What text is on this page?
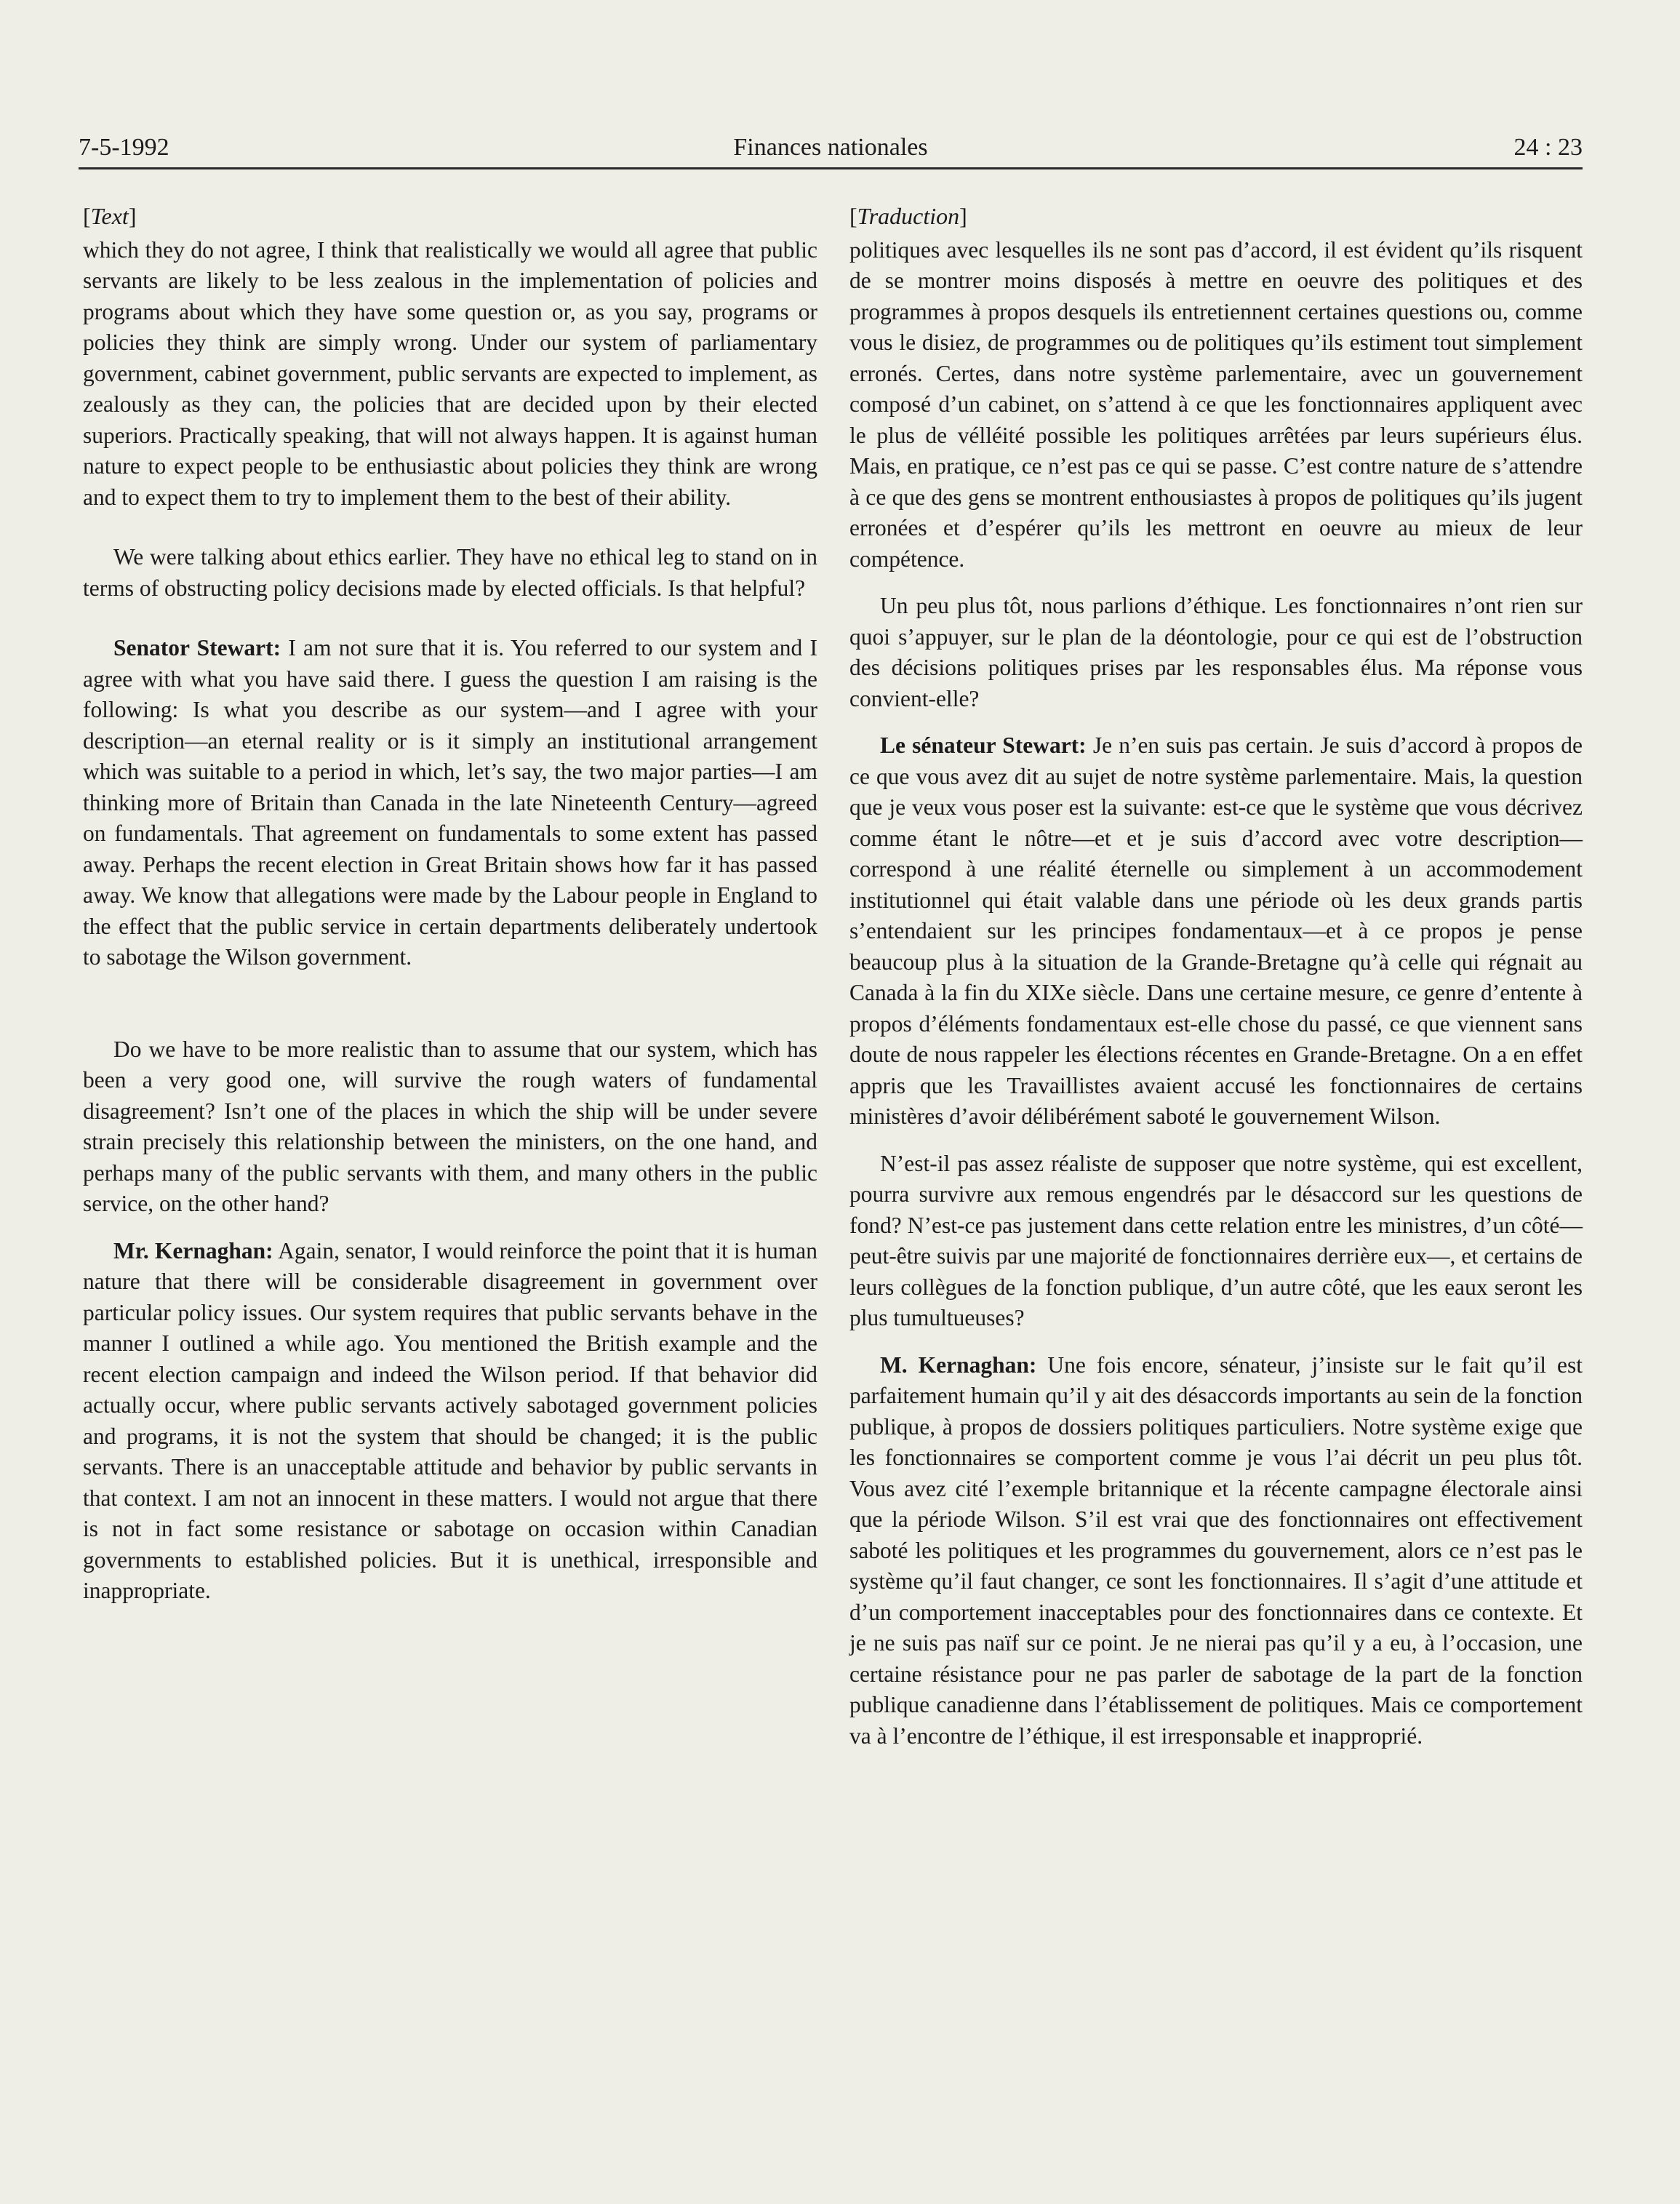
7-5-1992	Finances nationales	24 : 23

[Text]

which they do not agree, I think that realistically we would all agree that public servants are likely to be less zealous in the implementation of policies and programs about which they have some question or, as you say, programs or policies they think are simply wrong. Under our system of parliamentary government, cabinet government, public servants are expected to implement, as zealously as they can, the policies that are decided upon by their elected superiors. Practically speaking, that will not always happen. It is against human nature to expect people to be enthusiastic about policies they think are wrong and to expect them to try to implement them to the best of their ability.

We were talking about ethics earlier. They have no ethical leg to stand on in terms of obstructing policy decisions made by elected officials. Is that helpful?

Senator Stewart: I am not sure that it is. You referred to our system and I agree with what you have said there. I guess the question I am raising is the following: Is what you describe as our system—and I agree with your description—an eternal reality or is it simply an institutional arrangement which was suitable to a period in which, let’s say, the two major parties—I am thinking more of Britain than Canada in the late Nineteenth Century—agreed on fundamentals. That agreement on fundamentals to some extent has passed away. Perhaps the recent election in Great Britain shows how far it has passed away. We know that allegations were made by the Labour people in England to the effect that the public service in certain departments deliberately undertook to sabotage the Wilson government.

Do we have to be more realistic than to assume that our system, which has been a very good one, will survive the rough waters of fundamental disagreement? Isn’t one of the places in which the ship will be under severe strain precisely this relationship between the ministers, on the one hand, and perhaps many of the public servants with them, and many others in the public service, on the other hand?

Mr. Kernaghan: Again, senator, I would reinforce the point that it is human nature that there will be considerable disagreement in government over particular policy issues. Our system requires that public servants behave in the manner I outlined a while ago. You mentioned the British example and the recent election campaign and indeed the Wilson period. If that behavior did actually occur, where public servants actively sabotaged government policies and programs, it is not the system that should be changed; it is the public servants. There is an unacceptable attitude and behavior by public servants in that context. I am not an innocent in these matters. I would not argue that there is not in fact some resistance or sabotage on occasion within Canadian governments to established policies. But it is unethical, irresponsible and inappropriate.

[Traduction]

politiques avec lesquelles ils ne sont pas d’accord, il est évident qu’ils risquent de se montrer moins disposés à mettre en oeuvre des politiques et des programmes à propos desquels ils entretiennent certaines questions ou, comme vous le disiez, de programmes ou de politiques qu’ils estiment tout simplement erronés. Certes, dans notre système parlementaire, avec un gouvernement composé d’un cabinet, on s’attend à ce que les fonctionnaires appliquent avec le plus de vélléité possible les politiques arrêtées par leurs supérieurs élus. Mais, en pratique, ce n’est pas ce qui se passe. C’est contre nature de s’attendre à ce que des gens se montrent enthousiastes à propos de politiques qu’ils jugent erronées et d’espérer qu’ils les mettront en oeuvre au mieux de leur compétence.

Un peu plus tôt, nous parlions d’éthique. Les fonctionnaires n’ont rien sur quoi s’appuyer, sur le plan de la déontologie, pour ce qui est de l’obstruction des décisions politiques prises par les responsables élus. Ma réponse vous convient-elle?

Le sénateur Stewart: Je n’en suis pas certain. Je suis d’accord à propos de ce que vous avez dit au sujet de notre système parlementaire. Mais, la question que je veux vous poser est la suivante: est-ce que le système que vous décrivez comme étant le nôtre—et et je suis d’accord avec votre description—correspond à une réalité éternelle ou simplement à un accommodement institutionnel qui était valable dans une période où les deux grands partis s’entendaient sur les principes fondamentaux—et à ce propos je pense beaucoup plus à la situation de la Grande-Bretagne qu’à celle qui régnait au Canada à la fin du XIXe siècle. Dans une certaine mesure, ce genre d’entente à propos d’éléments fondamentaux est-elle chose du passé, ce que viennent sans doute de nous rappeler les élections récentes en Grande-Bretagne. On a en effet appris que les Travaillistes avaient accusé les fonctionnaires de certains ministères d’avoir délibérément saboté le gouvernement Wilson.

N’est-il pas assez réaliste de supposer que notre système, qui est excellent, pourra survivre aux remous engendrés par le désaccord sur les questions de fond? N’est-ce pas justement dans cette relation entre les ministres, d’un côté—peut-être suivis par une majorité de fonctionnaires derrière eux—, et certains de leurs collègues de la fonction publique, d’un autre côté, que les eaux seront les plus tumultueuses?

M. Kernaghan: Une fois encore, sénateur, j’insiste sur le fait qu’il est parfaitement humain qu’il y ait des désaccords importants au sein de la fonction publique, à propos de dossiers politiques particuliers. Notre système exige que les fonctionnaires se comportent comme je vous l’ai décrit un peu plus tôt. Vous avez cité l’exemple britannique et la récente campagne électorale ainsi que la période Wilson. S’il est vrai que des fonctionnaires ont effectivement saboté les politiques et les programmes du gouvernement, alors ce n’est pas le système qu’il faut changer, ce sont les fonctionnaires. Il s’agit d’une attitude et d’un comportement inacceptables pour des fonctionnaires dans ce contexte. Et je ne suis pas naïf sur ce point. Je ne nierai pas qu’il y a eu, à l’occasion, une certaine résistance pour ne pas parler de sabotage de la part de la fonction publique canadienne dans l’établissement de politiques. Mais ce comportement va à l’encontre de l’éthique, il est irresponsable et inapproprié.
